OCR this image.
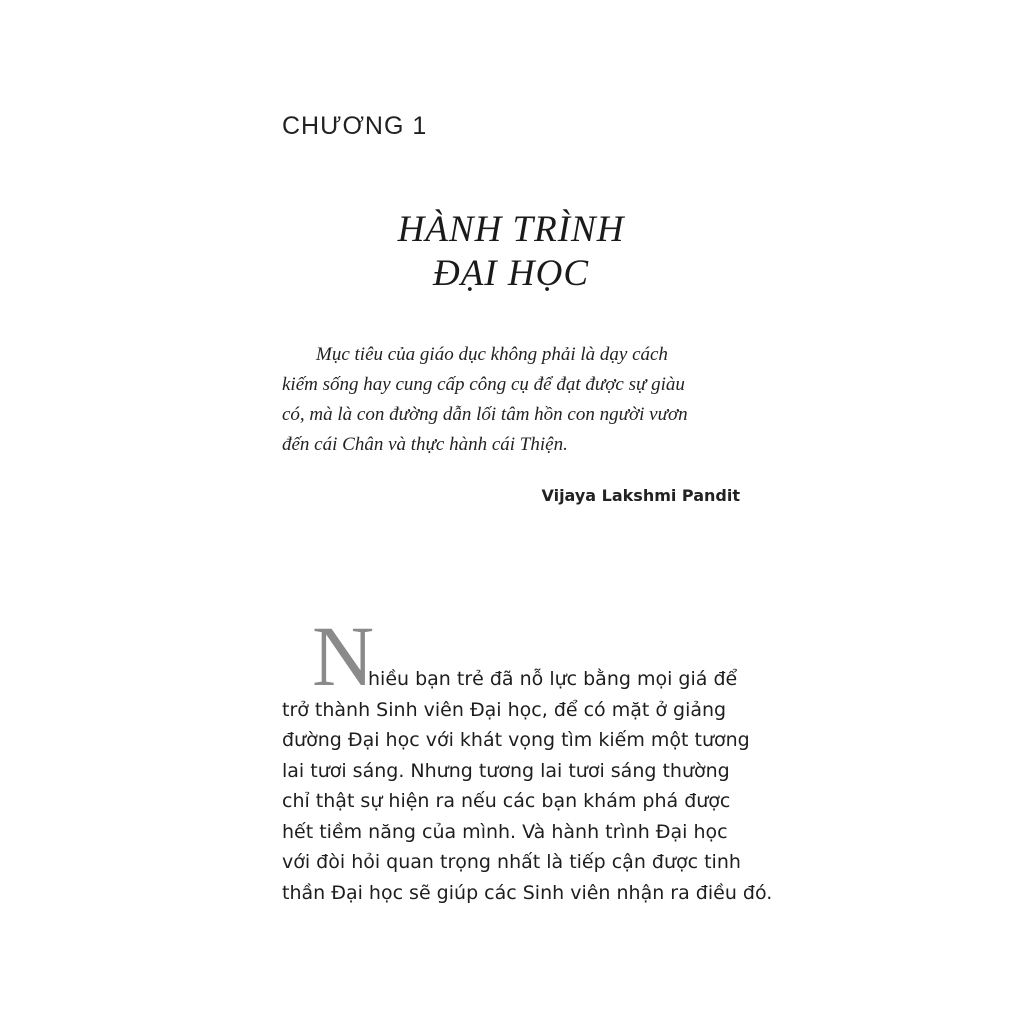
CHƯƠNG 1
HÀNH TRÌNH
ĐẠI HỌC
Mục tiêu của giáo dục không phải là dạy cách
kiếm sống hay cung cấp công cụ để đạt được sự giàu
có, mà là con đường dẫn lối tâm hồn con người vươn
đến cái Chân và thực hành cái Thiện.
Vijaya Lakshmi Pandit
N
hiều bạn trẻ đã nỗ lực bằng mọi giá để
trở thành Sinh viên Đại học, để có mặt ở giảng
đường Đại học với khát vọng tìm kiếm một tương
lai tươi sáng. Nhưng tương lai tươi sáng thường
chỉ thật sự hiện ra nếu các bạn khám phá được
hết tiềm năng của mình. Và hành trình Đại học
với đòi hỏi quan trọng nhất là tiếp cận được tinh
thần Đại học sẽ giúp các Sinh viên nhận ra điều đó.
